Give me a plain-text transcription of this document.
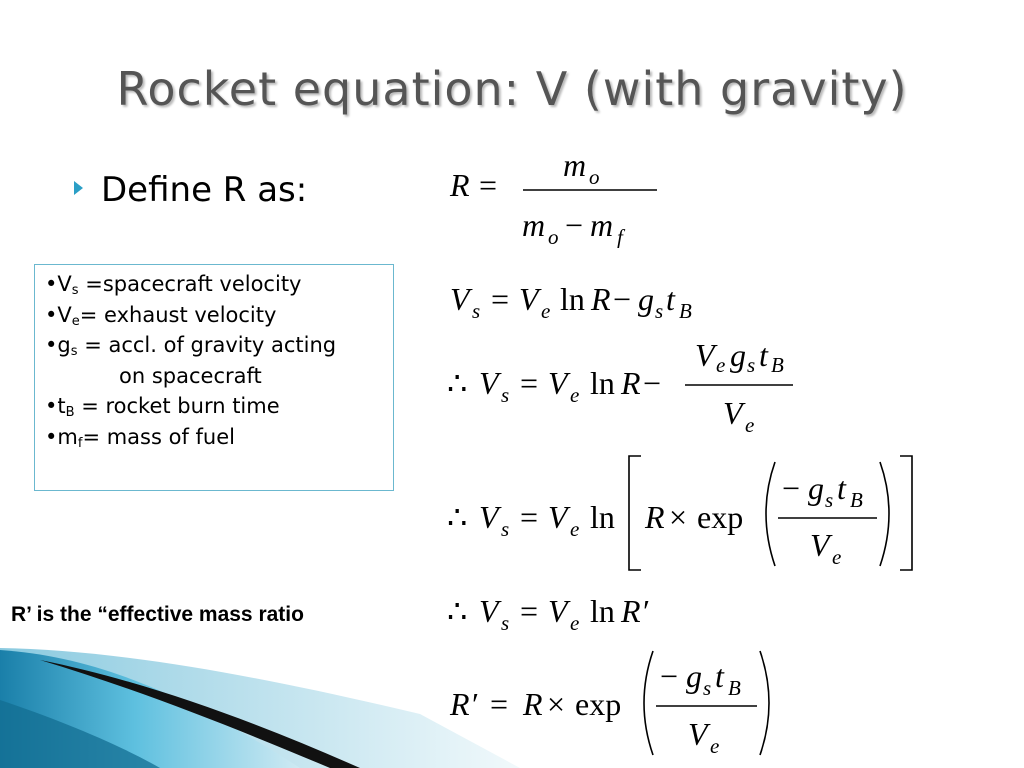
Rocket equation: V (with gravity)
Define R as:
$•V_s$ =spacecraft velocity
$•V_e=$ exhaust velocity
$•g_s$ = accl. of gravity acting
on spacecraft
$•t_B$ = rocket burn time
$•m_f=$ mass of fuel
R’ is the “effective mass ratio
R =
m o
m o − m f
V s = V e ln R − g s t B
∴ V s = V e ln R −
V e g s t B
V e
∴ V s = V e ln R × exp
− g s t B
V e
∴ V s = V e ln R ′
R ′ = R × exp
− g s t B
V e
